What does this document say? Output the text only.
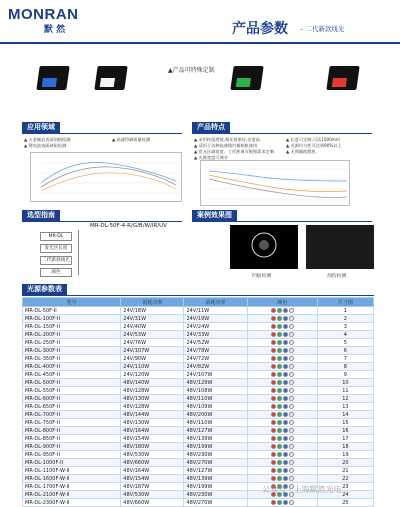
MONRAN
默 然	产品参数 – 二代新款线光
▲产品可特殊定制
应用领域
▲ 五金制品表面划痕检测	▲ 高速印刷质量检测
▲ 锂电池表面缺陷检测
产品特点
▲ 采用柱面透镜,聚光效果好,亮度高
▲ 适用于各种高速线扫描相机使用
▲ 发光区域宽度、工作距离可根据需求定制
▲ 长度可定制,可达1500mm
▲ 光源均匀性可达到90%以上
▲ 无须辅助散热
▲ 光斑宽度可调节
选型指南
MR-DL-50F-4-R/G/B/W/IR/UV
MR-DL
发光区长度
二代新款线光
颜色
案例效果图
凹痕检测	刮伤检测
光源参数表
型号	消耗功率	消耗功率	颜色	尺寸图
MR-DL-50F-II	24V/18W	24V/11W		1
MR-DL-100F-II	24V/31W	24V/19W		2
MR-DL-150F-II	24V/40W	24V/24W		3
MR-DL-200F-II	24V/53W	24V/33W		4
MR-DL-250F-II	24V/76W	24V/52W		5
MR-DL-300F-II	24V/107W	24V/78W		6
MR-DL-350F-II	24V/90W	24V/72W		7
MR-DL-400F-II	24V/110W	24V/82W		8
MR-DL-450F-II	24V/120W	24V/107W		9
MR-DL-500F-II	48V/140W	48V/129W		10
MR-DL-550F-II	48V/128W	48V/108W		11
MR-DL-600F-II	48V/130W	48V/110W		12
MR-DL-650F-II	48V/128W	48V/109W		13
MR-DL-700F-II	48V/144W	48V/200W		14
MR-DL-750F-II	48V/130W	48V/110W		15
MR-DL-800F-II	48V/164W	48V/127W		16
MR-DL-850F-II	48V/154W	48V/139W		17
MR-DL-900F-II	48V/180W	48V/199W		18
MR-DL-950F-II	48V/530W	48V/230W		19
MR-DL-1000F-II	48V/660W	48V/270W		20
MR-DL-1100F-W-II	48V/164W	48V/127W		21
MR-DL-1600F-W-II	48V/154W	48V/139W		22
MR-DL-1700F-W-II	48V/187W	48V/199W		23
MR-DL-2100F-W-II	48V/530W	48V/230W		24
MR-DL-2300F-W-II	48V/660W	48V/270W		25
公众号 · 上海默然光电
